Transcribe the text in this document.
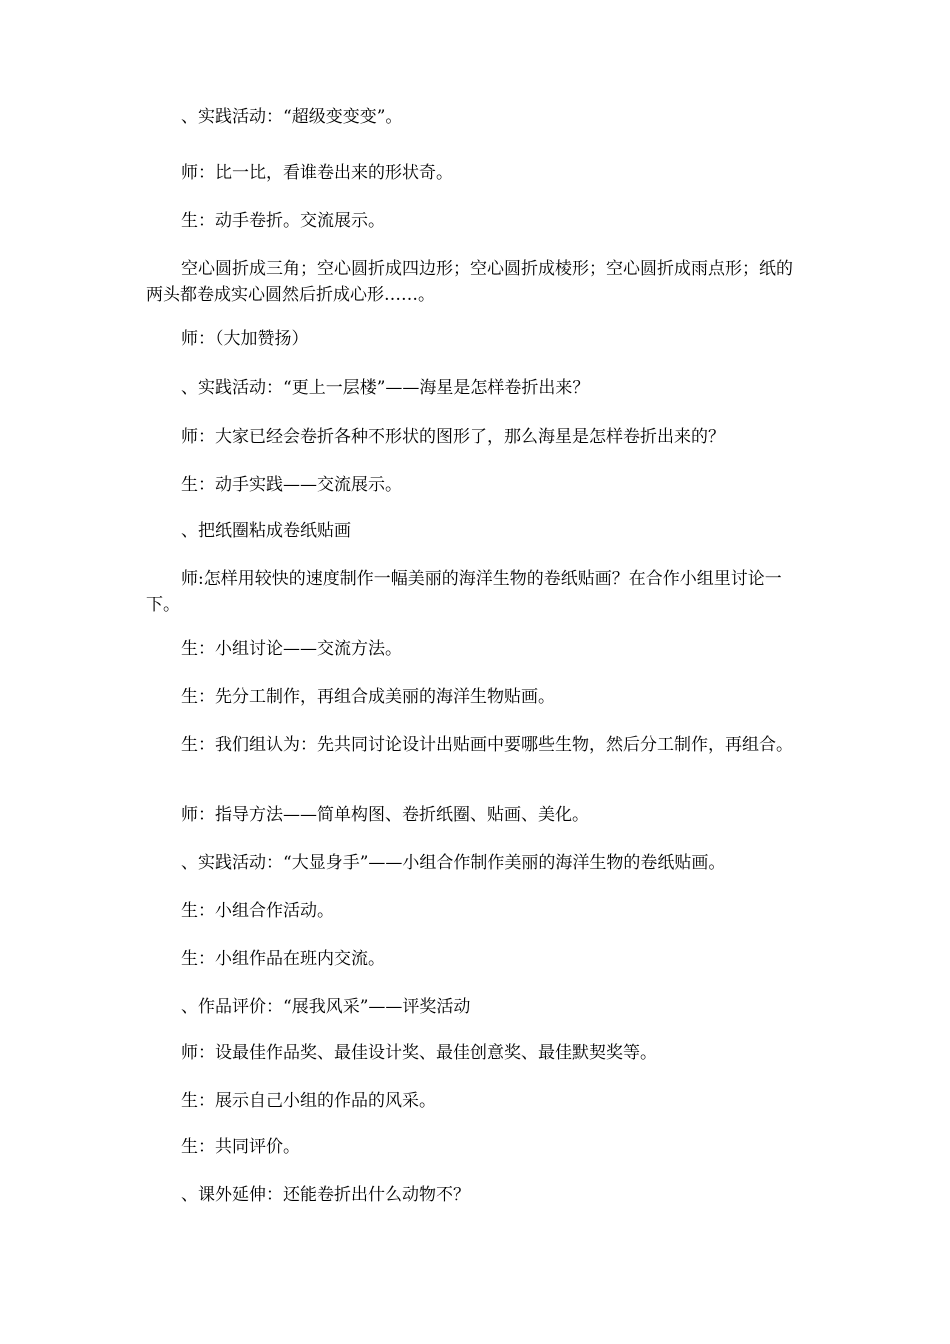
、实践活动：“超级变变变”。

师：比一比，看谁卷出来的形状奇。

生：动手卷折。交流展示。

空心圆折成三角；空心圆折成四边形；空心圆折成棱形；空心圆折成雨点形；纸的两头都卷成实心圆然后折成心形……。

师：（大加赞扬）

、实践活动：“更上一层楼”——海星是怎样卷折出来？

师：大家已经会卷折各种不形状的图形了，那么海星是怎样卷折出来的？

生：动手实践——交流展示。

、把纸圈粘成卷纸贴画

师:怎样用较快的速度制作一幅美丽的海洋生物的卷纸贴画？在合作小组里讨论一下。

生：小组讨论——交流方法。

生：先分工制作，再组合成美丽的海洋生物贴画。

生：我们组认为：先共同讨论设计出贴画中要哪些生物，然后分工制作，再组合。

师：指导方法——简单构图、卷折纸圈、贴画、美化。

、实践活动：“大显身手”——小组合作制作美丽的海洋生物的卷纸贴画。

生：小组合作活动。

生：小组作品在班内交流。

、作品评价：“展我风采”——评奖活动

师：设最佳作品奖、最佳设计奖、最佳创意奖、最佳默契奖等。

生：展示自己小组的作品的风采。

生：共同评价。

、课外延伸：还能卷折出什么动物不？
